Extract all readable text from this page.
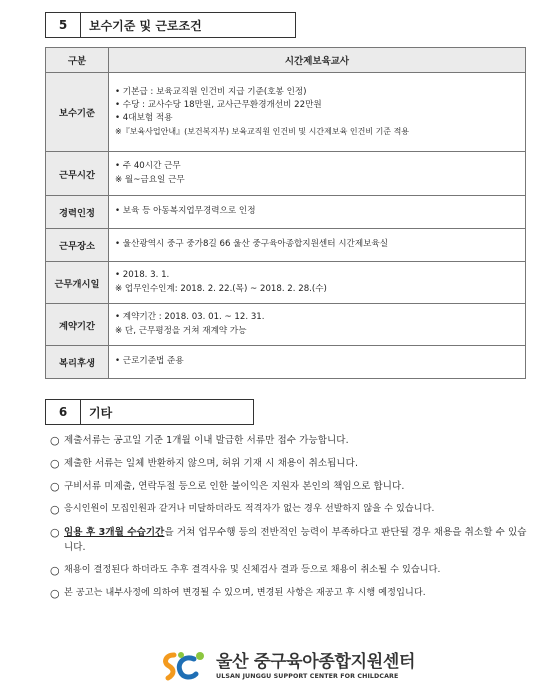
5	보수기준 및 근로조건
구분	시간제보육교사
보수기준	• 기본급 : 보육교직원 인건비 지급 기준(호봉 인정)
• 수당 : 교사수당 18만원, 교사근무환경개선비 22만원
• 4대보험 적용
※『보육사업안내』(보건복지부) 보육교직원 인건비 및 시간제보육 인건비 기준 적용

근무시간	• 주 40시간 근무
※ 월~금요일 근무

경력인정	• 보육 등 아동복지업무경력으로 인정

근무장소	• 울산광역시 중구 중가8길 66 울산 중구육아종합지원센터 시간제보육실

근무개시일	• 2018. 3. 1.
※ 업무인수인계: 2018. 2. 22.(목) ~ 2018. 2. 28.(수)

계약기간	• 계약기간 : 2018. 03. 01. ~ 12. 31.
※ 단, 근무평정을 거쳐 재계약 가능

복리후생	• 근로기준법 준용
6	기타
○ 제출서류는 공고일 기준 1개월 이내 발급한 서류만 접수 가능합니다.
○ 제출한 서류는 일체 반환하지 않으며, 허위 기재 시 채용이 취소됩니다.
○ 구비서류 미제출, 연락두절 등으로 인한 불이익은 지원자 본인의 책임으로 합니다.
○ 응시인원이 모집인원과 같거나 미달하더라도 적격자가 없는 경우 선발하지 않을 수 있습니다.
○ 임용 후 3개월 수습기간을 거쳐 업무수행 등의 전반적인 능력이 부족하다고 판단될 경우 채용을 취소할 수 있습니다.
○ 채용이 결정된다 하더라도 추후 결격사유 및 신체검사 결과 등으로 채용이 취소될 수 있습니다.
○ 본 공고는 내부사정에 의하여 변경될 수 있으며, 변경된 사항은 재공고 후 시행 예정입니다.
울산 중구육아종합지원센터
ULSAN JUNGGU SUPPORT CENTER FOR CHILDCARE
